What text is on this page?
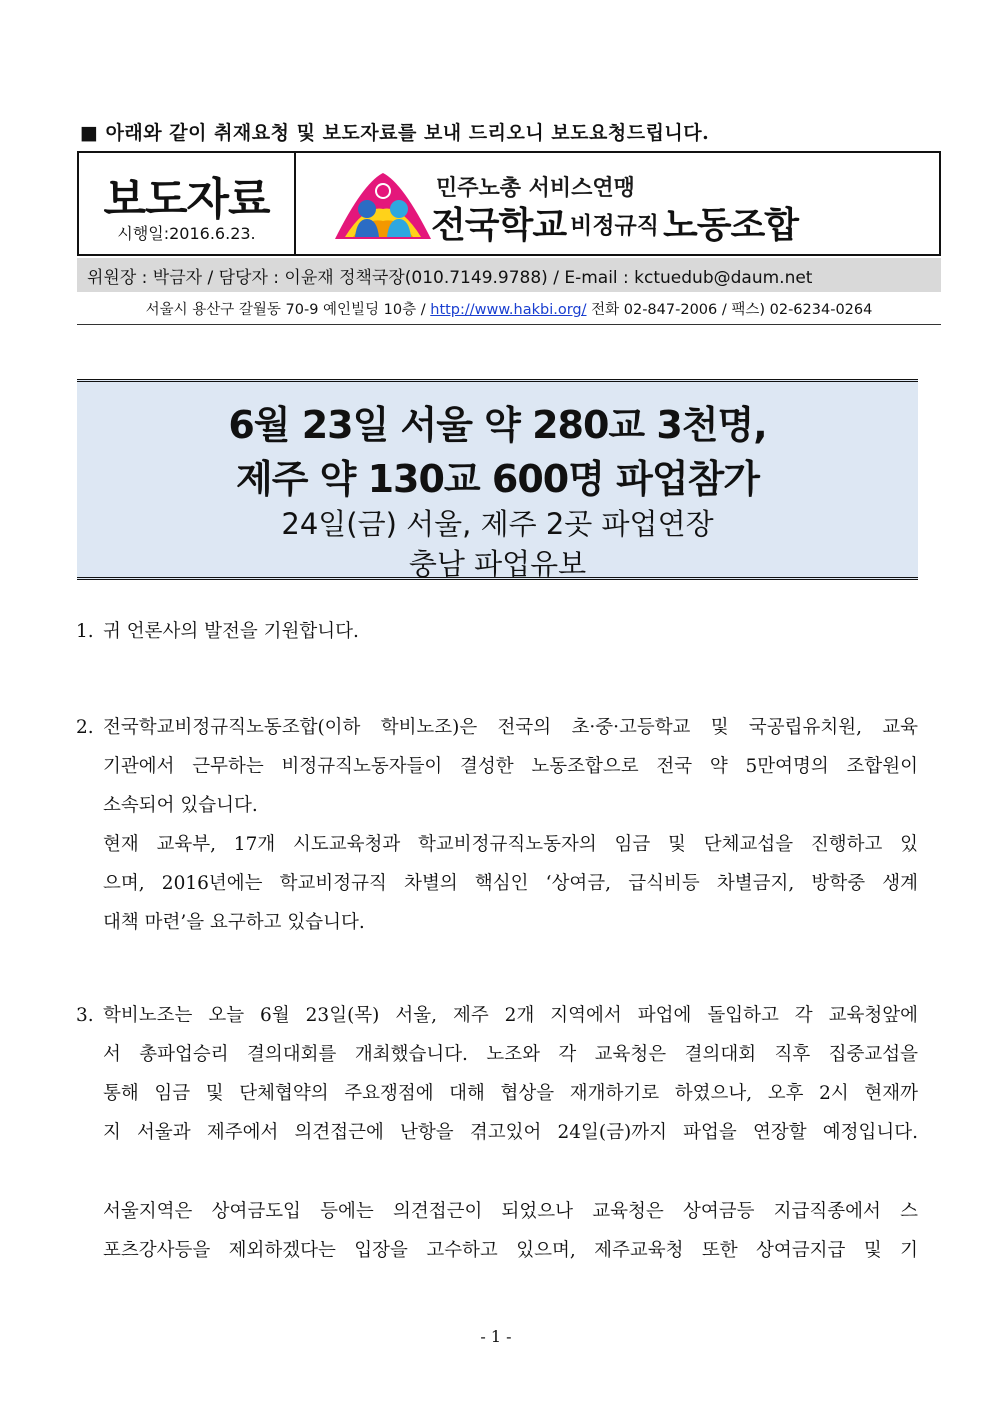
■ 아래와 같이 취재요청 및 보도자료를 보내 드리오니 보도요청드립니다.
보도자료
시행일:2016.6.23.
민주노총 서비스연맹
전국학교 비정규직 노동조합
위원장 : 박금자 / 담당자 : 이윤재 정책국장(010.7149.9788) / E-mail : kctuedub@daum.net
서울시 용산구 갈월동 70-9 예인빌딩 10층 / http://www.hakbi.org/ 전화 02-847-2006 / 팩스) 02-6234-0264
6월 23일 서울 약 280교 3천명,
제주 약 130교 600명 파업참가
24일(금) 서울, 제주 2곳 파업연장
충남 파업유보
1. 귀 언론사의 발전을 기원합니다.
2. 전국학교비정규직노동조합(이하 학비노조)은 전국의 초·중·고등학교 및 국공립유치원, 교육
기관에서 근무하는 비정규직노동자들이 결성한 노동조합으로 전국 약 5만여명의 조합원이
소속되어 있습니다.
현재 교육부, 17개 시도교육청과 학교비정규직노동자의 임금 및 단체교섭을 진행하고 있
으며, 2016년에는 학교비정규직 차별의 핵심인 ‘상여금, 급식비등 차별금지, 방학중 생계
대책 마련’을 요구하고 있습니다.
3. 학비노조는 오늘 6월 23일(목) 서울, 제주 2개 지역에서 파업에 돌입하고 각 교육청앞에
서 총파업승리 결의대회를 개최했습니다. 노조와 각 교육청은 결의대회 직후 집중교섭을
통해 임금 및 단체협약의 주요쟁점에 대해 협상을 재개하기로 하였으나, 오후 2시 현재까
지 서울과 제주에서 의견접근에 난항을 겪고있어 24일(금)까지 파업을 연장할 예정입니다.
서울지역은 상여금도입 등에는 의견접근이 되었으나 교육청은 상여금등 지급직종에서 스
포츠강사등을 제외하겠다는 입장을 고수하고 있으며, 제주교육청 또한 상여금지급 및 기
- 1 -
